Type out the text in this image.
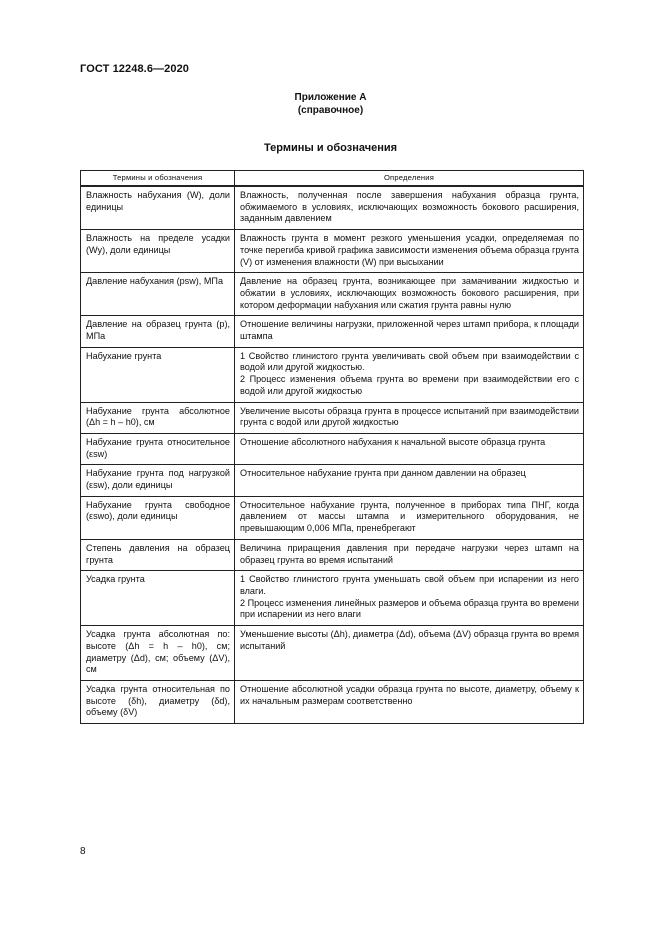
ГОСТ 12248.6—2020
Приложение А
(справочное)
Термины и обозначения
Термины и обозначения	Определения
Влажность набухания (W), доли единицы	Влажность, полученная после завершения набухания образца грунта, обжимаемого в условиях, исключающих возможность бокового расширения, заданным давлением
Влажность на пределе усадки (Wy), доли единицы	Влажность грунта в момент резкого уменьшения усадки, определяемая по точке перегиба кривой графика зависимости изменения объема образца грунта (V) от изменения влажности (W) при высыхании
Давление набухания (psw), МПа	Давление на образец грунта, возникающее при замачивании жидкостью и обжатии в условиях, исключающих возможность бокового расширения, при котором деформации набухания или сжатия грунта равны нулю
Давление на образец грунта (p), МПа	Отношение величины нагрузки, приложенной через штамп прибора, к площади штампа
Набухание грунта	1 Свойство глинистого грунта увеличивать свой объем при взаимодействии с водой или другой жидкостью.
2 Процесс изменения объема грунта во времени при взаимодействии его с водой или другой жидкостью
Набухание грунта абсолютное (Δh = h – h0), см	Увеличение высоты образца грунта в процессе испытаний при взаимодействии грунта с водой или другой жидкостью
Набухание грунта относительное (εsw)	Отношение абсолютного набухания к начальной высоте образца грунта
Набухание грунта под нагрузкой (εsw), доли единицы	Относительное набухание грунта при данном давлении на образец
Набухание грунта свободное (εswo), доли единицы	Относительное набухание грунта, полученное в приборах типа ПНГ, когда давлением от массы штампа и измерительного оборудования, не превышающим 0,006 МПа, пренебрегают
Степень давления на образец грунта	Величина приращения давления при передаче нагрузки через штамп на образец грунта во время испытаний
Усадка грунта	1 Свойство глинистого грунта уменьшать свой объем при испарении из него влаги.
2 Процесс изменения линейных размеров и объема образца грунта во времени при испарении из него влаги
Усадка грунта абсолютная по: высоте (Δh = h – h0), см; диаметру (Δd), см; объему (ΔV), см	Уменьшение высоты (Δh), диаметра (Δd), объема (ΔV) образца грунта во время испытаний
Усадка грунта относительная по высоте (δh), диаметру (δd), объему (δV)	Отношение абсолютной усадки образца грунта по высоте, диаметру, объему к их начальным размерам соответственно
8
